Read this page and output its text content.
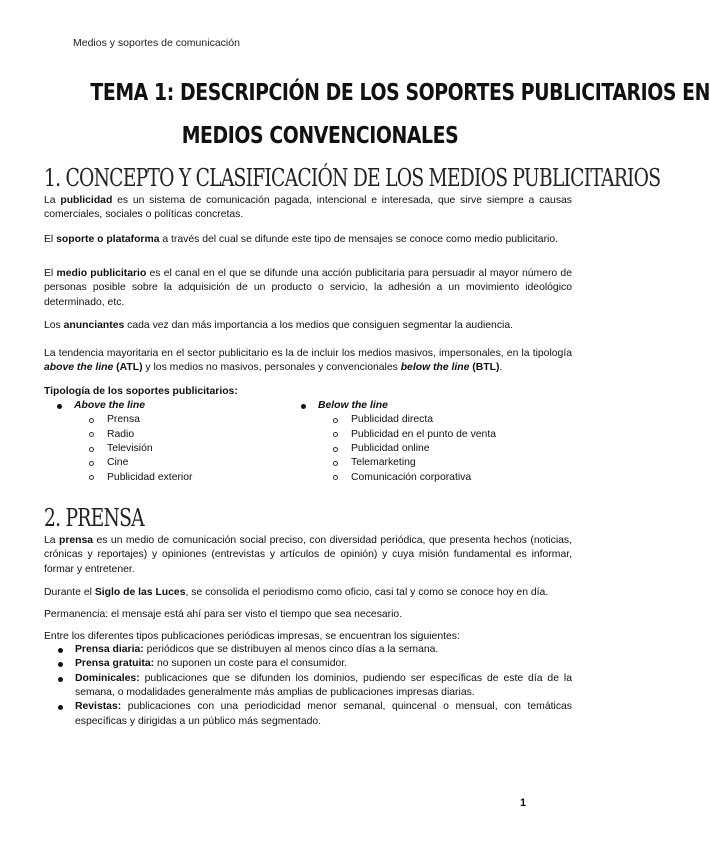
Medios y soportes de comunicación
TEMA 1: DESCRIPCIÓN DE LOS SOPORTES PUBLICITARIOS EN
MEDIOS CONVENCIONALES
1. CONCEPTO Y CLASIFICACIÓN DE LOS MEDIOS PUBLICITARIOS
La publicidad es un sistema de comunicación pagada, intencional e interesada, que sirve siempre a causas comerciales, sociales o políticas concretas.
El soporte o plataforma a través del cual se difunde este tipo de mensajes se conoce como medio publicitario.
El medio publicitario es el canal en el que se difunde una acción publicitaria para persuadir al mayor número de personas posible sobre la adquisición de un producto o servicio, la adhesión a un movimiento ideológico determinado, etc.
Los anunciantes cada vez dan más importancia a los medios que consiguen segmentar la audiencia.
La tendencia mayoritaria en el sector publicitario es la de incluir los medios masivos, impersonales, en la tipología above the line (ATL) y los medios no masivos, personales y convencionales below the line (BTL).
Tipología de los soportes publicitarios:
Above the line
Prensa
Radio
Televisión
Cine
Publicidad exterior
Below the line
Publicidad directa
Publicidad en el punto de venta
Publicidad online
Telemarketing
Comunicación corporativa
2. PRENSA
La prensa es un medio de comunicación social preciso, con diversidad periódica, que presenta hechos (noticias, crónicas y reportajes) y opiniones (entrevistas y artículos de opinión) y cuya misión fundamental es informar, formar y entretener.
Durante el Siglo de las Luces, se consolida el periodismo como oficio, casi tal y como se conoce hoy en día.
Permanencia: el mensaje está ahí para ser visto el tiempo que sea necesario.
Entre los diferentes tipos publicaciones periódicas impresas, se encuentran los siguientes:
Prensa diaria: periódicos que se distribuyen al menos cinco días a la semana.
Prensa gratuita: no suponen un coste para el consumidor.
Dominicales: publicaciones que se difunden los dominios, pudiendo ser específicas de este día de la semana, o modalidades generalmente más amplias de publicaciones impresas diarias.
Revistas: publicaciones con una periodicidad menor semanal, quincenal o mensual, con temáticas específicas y dirigidas a un público más segmentado.
1
